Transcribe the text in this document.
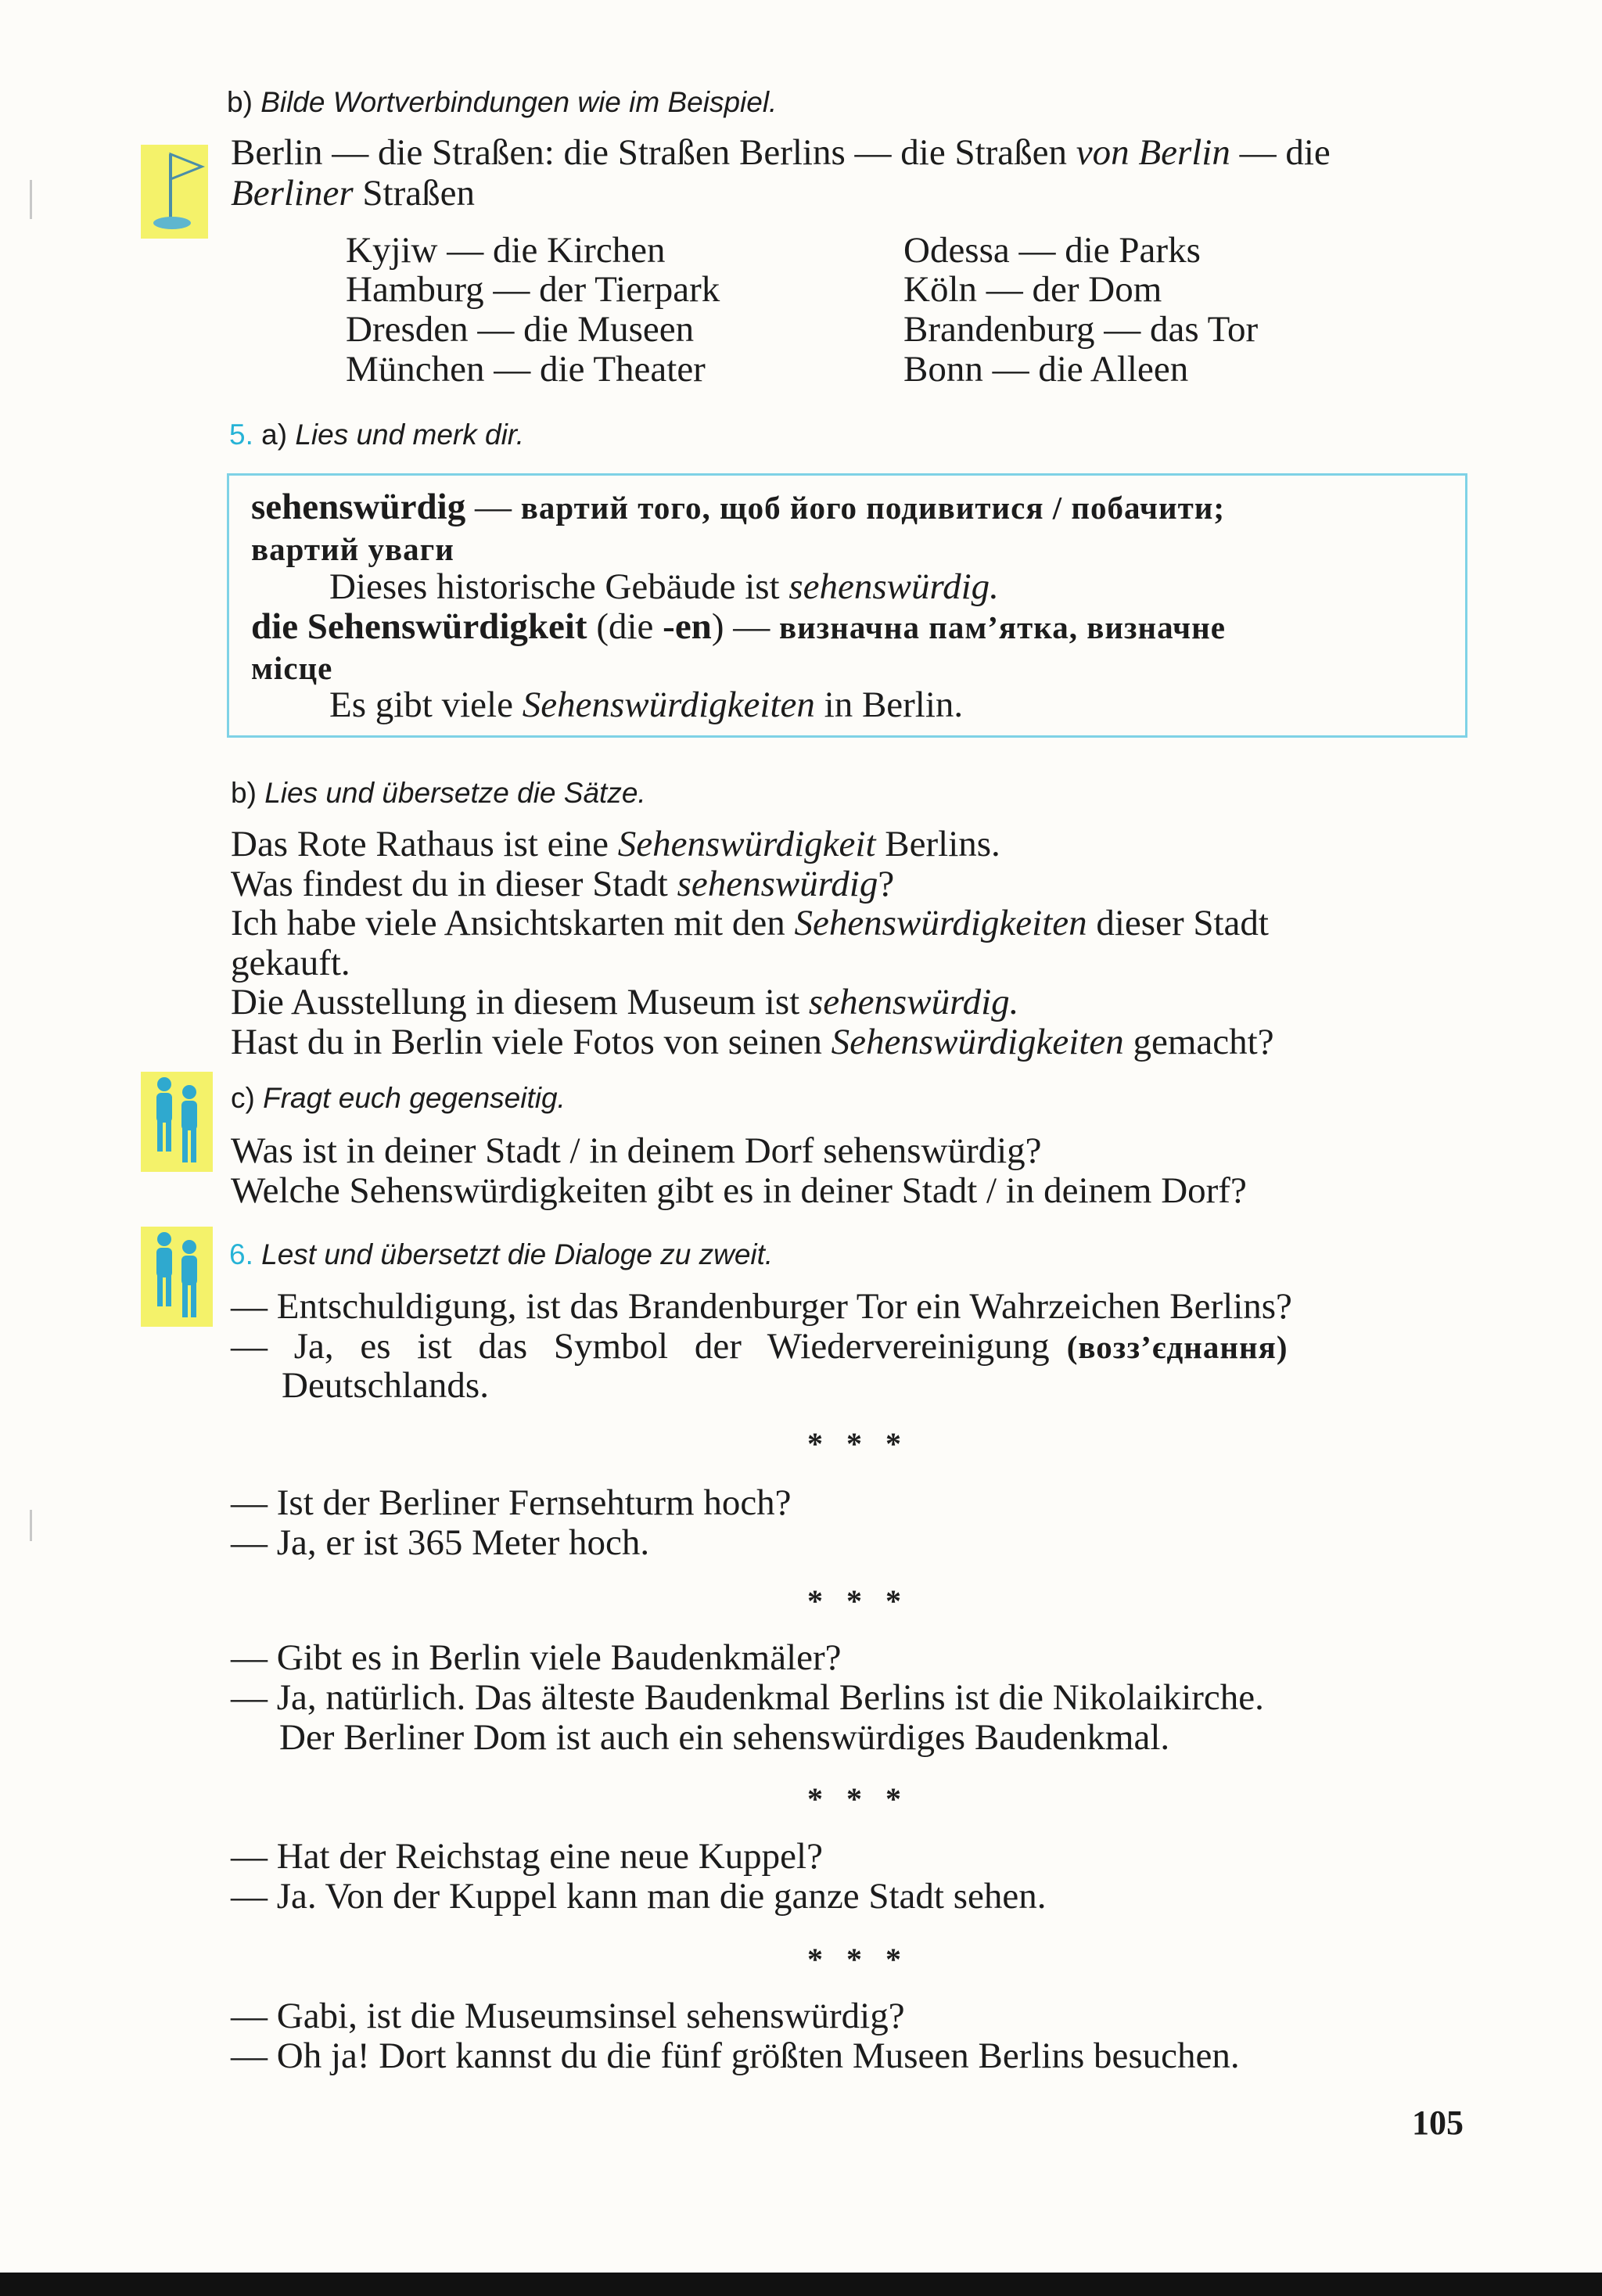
b) Bilde Wortverbindungen wie im Beispiel.
Berlin — die Straßen: die Straßen Berlins — die Straßen von Berlin — die
Berliner Straßen
Kyjiw — die Kirchen
Hamburg — der Tierpark
Dresden — die Museen
München — die Theater
Odessa — die Parks
Köln — der Dom
Brandenburg — das Tor
Bonn — die Alleen
5. a) Lies und merk dir.
sehenswürdig — вартий того, щоб його подивитися / побачити;
вартий уваги
Dieses historische Gebäude ist sehenswürdig.
die Sehenswürdigkeit (die -en) — визначна пам’ятка, визначне
місце
Es gibt viele Sehenswürdigkeiten in Berlin.
b) Lies und übersetze die Sätze.
Das Rote Rathaus ist eine Sehenswürdigkeit Berlins.
Was findest du in dieser Stadt sehenswürdig?
Ich habe viele Ansichtskarten mit den Sehenswürdigkeiten dieser Stadt
gekauft.
Die Ausstellung in diesem Museum ist sehenswürdig.
Hast du in Berlin viele Fotos von seinen Sehenswürdigkeiten gemacht?
c) Fragt euch gegenseitig.
Was ist in deiner Stadt / in deinem Dorf sehenswürdig?
Welche Sehenswürdigkeiten gibt es in deiner Stadt / in deinem Dorf?
6. Lest und übersetzt die Dialoge zu zweit.
— Entschuldigung, ist das Brandenburger Tor ein Wahrzeichen Berlins?
— Ja, es ist das Symbol der Wiedervereinigung (возз’єднання)
Deutschlands.
* * *
— Ist der Berliner Fernsehturm hoch?
— Ja, er ist 365 Meter hoch.
* * *
— Gibt es in Berlin viele Baudenkmäler?
— Ja, natürlich. Das älteste Baudenkmal Berlins ist die Nikolaikirche.
Der Berliner Dom ist auch ein sehenswürdiges Baudenkmal.
* * *
— Hat der Reichstag eine neue Kuppel?
— Ja. Von der Kuppel kann man die ganze Stadt sehen.
* * *
— Gabi, ist die Museumsinsel sehenswürdig?
— Oh ja! Dort kannst du die fünf größten Museen Berlins besuchen.
105
